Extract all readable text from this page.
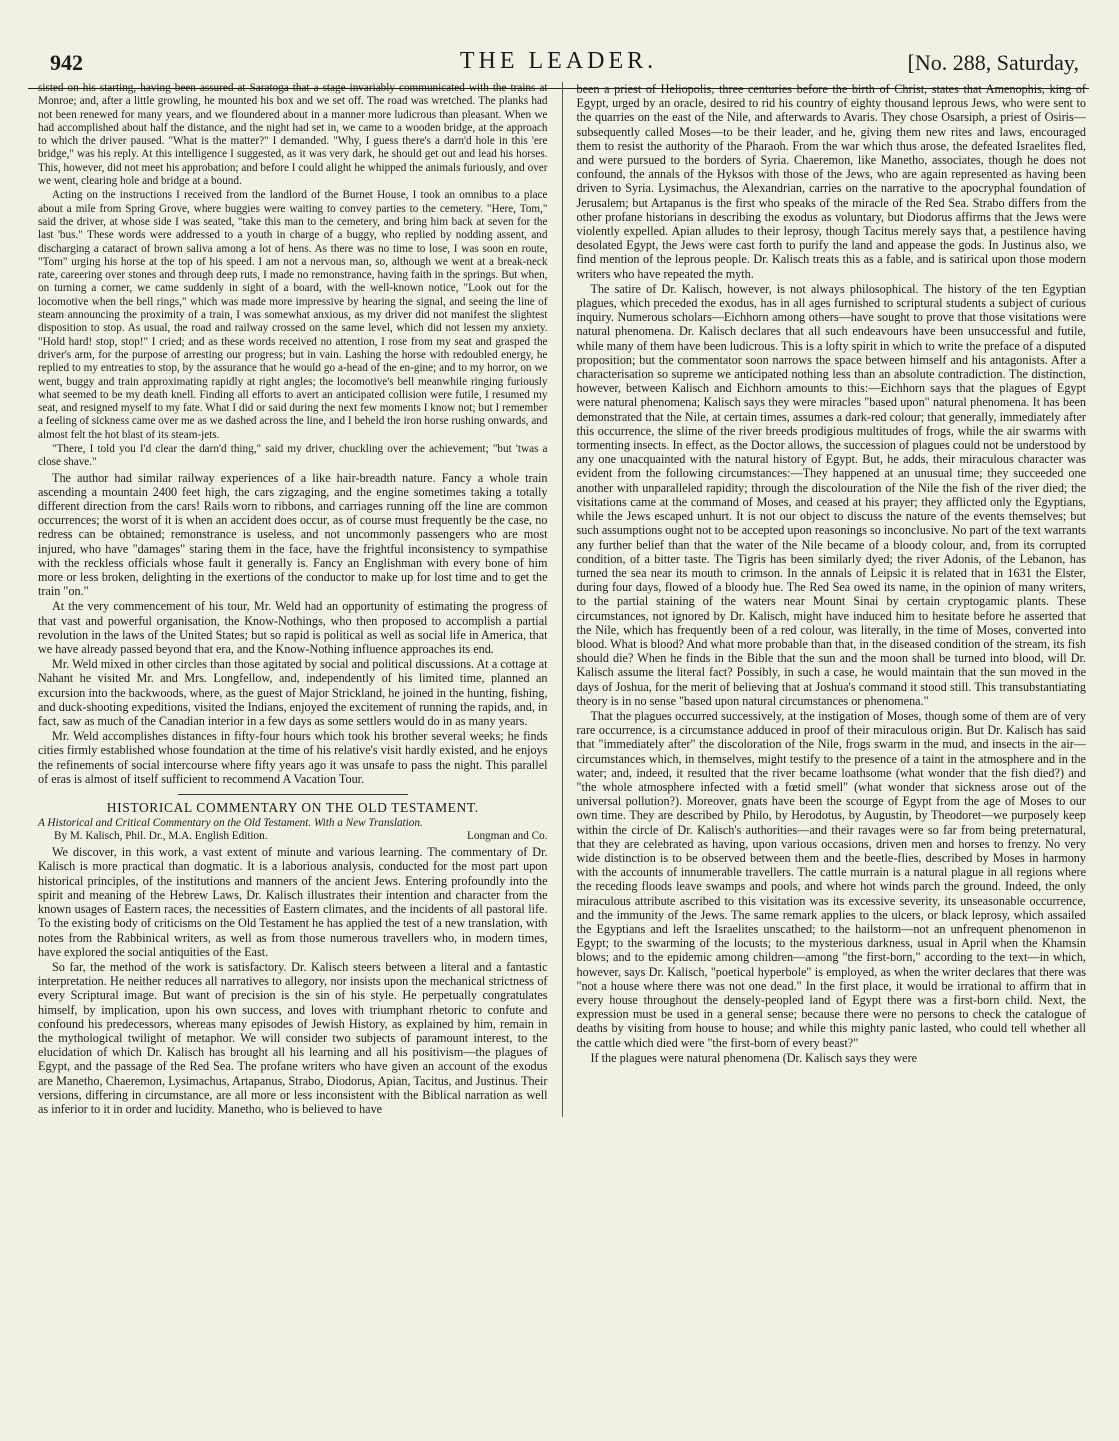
942	THE LEADER.	[No. 288, Saturday,

sisted on his starting, having been assured at Saratoga that a stage invariably communicated with the trains at Monroe; and, after a little growling, he mounted his box and we set off. The road was wretched. The planks had not been renewed for many years, and we floundered about in a manner more ludicrous than pleasant. When we had accomplished about half the distance, and the night had set in, we came to a wooden bridge, at the approach to which the driver paused. "What is the matter?" I demanded. "Why, I guess there's a darn'd hole in this 'ere bridge," was his reply. At this intelligence I suggested, as it was very dark, he should get out and lead his horses. This, however, did not meet his approbation; and before I could alight he whipped the animals furiously, and over we went, clearing hole and bridge at a bound.

Acting on the instructions I received from the landlord of the Burnet House, I took an omnibus to a place about a mile from Spring Grove, where buggies were waiting to convey parties to the cemetery. "Here, Tom," said the driver, at whose side I was seated, "take this man to the cemetery, and bring him back at seven for the last 'bus." These words were addressed to a youth in charge of a buggy, who replied by nodding assent, and discharging a cataract of brown saliva among a lot of hens. As there was no time to lose, I was soon en route, "Tom" urging his horse at the top of his speed. I am not a nervous man, so, although we went at a break-neck rate, careering over stones and through deep ruts, I made no remonstrance, having faith in the springs. But when, on turning a corner, we came suddenly in sight of a board, with the well-known notice, "Look out for the locomotive when the bell rings," which was made more impressive by hearing the signal, and seeing the line of steam announcing the proximity of a train, I was somewhat anxious, as my driver did not manifest the slightest disposition to stop. As usual, the road and railway crossed on the same level, which did not lessen my anxiety. "Hold hard! stop, stop!" I cried; and as these words received no attention, I rose from my seat and grasped the driver's arm, for the purpose of arresting our progress; but in vain. Lashing the horse with redoubled energy, he replied to my entreaties to stop, by the assurance that he would go a-head of the en-gine; and to my horror, on we went, buggy and train approximating rapidly at right angles; the locomotive's bell meanwhile ringing furiously what seemed to be my death knell. Finding all efforts to avert an anticipated collision were futile, I resumed my seat, and resigned myself to my fate. What I did or said during the next few moments I know not; but I remember a feeling of sickness came over me as we dashed across the line, and I beheld the iron horse rushing onwards, and almost felt the hot blast of its steam-jets.

"There, I told you I'd clear the darn'd thing," said my driver, chuckling over the achievement; "but 'twas a close shave."

The author had similar railway experiences of a like hair-breadth nature. Fancy a whole train ascending a mountain 2400 feet high, the cars zigzaging, and the engine sometimes taking a totally different direction from the cars! Rails worn to ribbons, and carriages running off the line are common occurrences; the worst of it is when an accident does occur, as of course must frequently be the case, no redress can be obtained; remonstrance is useless, and not uncommonly passengers who are most injured, who have "damages" staring them in the face, have the frightful inconsistency to sympathise with the reckless officials whose fault it generally is. Fancy an Englishman with every bone of him more or less broken, delighting in the exertions of the conductor to make up for lost time and to get the train "on."

At the very commencement of his tour, Mr. Weld had an opportunity of estimating the progress of that vast and powerful organisation, the Know-Nothings, who then proposed to accomplish a partial revolution in the laws of the United States; but so rapid is political as well as social life in America, that we have already passed beyond that era, and the Know-Nothing influence approaches its end.

Mr. Weld mixed in other circles than those agitated by social and political discussions. At a cottage at Nahant he visited Mr. and Mrs. Longfellow, and, independently of his limited time, planned an excursion into the backwoods, where, as the guest of Major Strickland, he joined in the hunting, fishing, and duck-shooting expeditions, visited the Indians, enjoyed the excitement of running the rapids, and, in fact, saw as much of the Canadian interior in a few days as some settlers would do in as many years.

Mr. Weld accomplishes distances in fifty-four hours which took his brother several weeks; he finds cities firmly established whose foundation at the time of his relative's visit hardly existed, and he enjoys the refinements of social intercourse where fifty years ago it was unsafe to pass the night. This parallel of eras is almost of itself sufficient to recommend A Vacation Tour.

HISTORICAL COMMENTARY ON THE OLD TESTAMENT.
A Historical and Critical Commentary on the Old Testament. With a New Translation.
By M. Kalisch, Phil. Dr., M.A. English Edition.	Longman and Co.

We discover, in this work, a vast extent of minute and various learning. The commentary of Dr. Kalisch is more practical than dogmatic. It is a laborious analysis, conducted for the most part upon historical principles, of the institutions and manners of the ancient Jews. Entering profoundly into the spirit and meaning of the Hebrew Laws, Dr. Kalisch illustrates their intention and character from the known usages of Eastern races, the necessities of Eastern climates, and the incidents of all pastoral life. To the existing body of criticisms on the Old Testament he has applied the test of a new translation, with notes from the Rabbinical writers, as well as from those numerous travellers who, in modern times, have explored the social antiquities of the East.

So far, the method of the work is satisfactory. Dr. Kalisch steers between a literal and a fantastic interpretation. He neither reduces all narratives to allegory, nor insists upon the mechanical strictness of every Scriptural image. But want of precision is the sin of his style. He perpetually congratulates himself, by implication, upon his own success, and loves with triumphant rhetoric to confute and confound his predecessors, whereas many episodes of Jewish History, as explained by him, remain in the mythological twilight of metaphor. We will consider two subjects of paramount interest, to the elucidation of which Dr. Kalisch has brought all his learning and all his positivism—the plagues of Egypt, and the passage of the Red Sea. The profane writers who have given an account of the exodus are Manetho, Chaeremon, Lysimachus, Artapanus, Strabo, Diodorus, Apian, Tacitus, and Justinus. Their versions, differing in circumstance, are all more or less inconsistent with the Biblical narration as well as inferior to it in order and lucidity. Manetho, who is believed to have

been a priest of Heliopolis, three centuries before the birth of Christ, states that Amenophis, king of Egypt, urged by an oracle, desired to rid his country of eighty thousand leprous Jews, who were sent to the quarries on the east of the Nile, and afterwards to Avaris. They chose Osarsiph, a priest of Osiris—subsequently called Moses—to be their leader, and he, giving them new rites and laws, encouraged them to resist the authority of the Pharaoh. From the war which thus arose, the defeated Israelites fled, and were pursued to the borders of Syria. Chaeremon, like Manetho, associates, though he does not confound, the annals of the Hyksos with those of the Jews, who are again represented as having been driven to Syria. Lysimachus, the Alexandrian, carries on the narrative to the apocryphal foundation of Jerusalem; but Artapanus is the first who speaks of the miracle of the Red Sea. Strabo differs from the other profane historians in describing the exodus as voluntary, but Diodorus affirms that the Jews were violently expelled. Apian alludes to their leprosy, though Tacitus merely says that, a pestilence having desolated Egypt, the Jews were cast forth to purify the land and appease the gods. In Justinus also, we find mention of the leprous people. Dr. Kalisch treats this as a fable, and is satirical upon those modern writers who have repeated the myth.

The satire of Dr. Kalisch, however, is not always philosophical. The history of the ten Egyptian plagues, which preceded the exodus, has in all ages furnished to scriptural students a subject of curious inquiry. Numerous scholars—Eichhorn among others—have sought to prove that those visitations were natural phenomena. Dr. Kalisch declares that all such endeavours have been unsuccessful and futile, while many of them have been ludicrous. This is a lofty spirit in which to write the preface of a disputed proposition; but the commentator soon narrows the space between himself and his antagonists. After a characterisation so supreme we anticipated nothing less than an absolute contradiction. The distinction, however, between Kalisch and Eichhorn amounts to this:—Eichhorn says that the plagues of Egypt were natural phenomena; Kalisch says they were miracles "based upon" natural phenomena. It has been demonstrated that the Nile, at certain times, assumes a dark-red colour; that generally, immediately after this occurrence, the slime of the river breeds prodigious multitudes of frogs, while the air swarms with tormenting insects. In effect, as the Doctor allows, the succession of plagues could not be understood by any one unacquainted with the natural history of Egypt. But, he adds, their miraculous character was evident from the following circumstances:—They happened at an unusual time; they succeeded one another with unparalleled rapidity; through the discolouration of the Nile the fish of the river died; the visitations came at the command of Moses, and ceased at his prayer; they afflicted only the Egyptians, while the Jews escaped unhurt. It is not our object to discuss the nature of the events themselves; but such assumptions ought not to be accepted upon reasonings so inconclusive. No part of the text warrants any further belief than that the water of the Nile became of a bloody colour, and, from its corrupted condition, of a bitter taste. The Tigris has been similarly dyed; the river Adonis, of the Lebanon, has turned the sea near its mouth to crimson. In the annals of Leipsic it is related that in 1631 the Elster, during four days, flowed of a bloody hue. The Red Sea owed its name, in the opinion of many writers, to the partial staining of the waters near Mount Sinai by certain cryptogamic plants. These circumstances, not ignored by Dr. Kalisch, might have induced him to hesitate before he asserted that the Nile, which has frequently been of a red colour, was literally, in the time of Moses, converted into blood. What is blood? And what more probable than that, in the diseased condition of the stream, its fish should die? When he finds in the Bible that the sun and the moon shall be turned into blood, will Dr. Kalisch assume the literal fact? Possibly, in such a case, he would maintain that the sun moved in the days of Joshua, for the merit of believing that at Joshua's command it stood still. This transubstantiating theory is in no sense "based upon natural circumstances or phenomena."

That the plagues occurred successively, at the instigation of Moses, though some of them are of very rare occurrence, is a circumstance adduced in proof of their miraculous origin. But Dr. Kalisch has said that "immediately after" the discoloration of the Nile, frogs swarm in the mud, and insects in the air—circumstances which, in themselves, might testify to the presence of a taint in the atmosphere and in the water; and, indeed, it resulted that the river became loathsome (what wonder that the fish died?) and "the whole atmosphere infected with a fœtid smell" (what wonder that sickness arose out of the universal pollution?). Moreover, gnats have been the scourge of Egypt from the age of Moses to our own time. They are described by Philo, by Herodotus, by Augustin, by Theodoret—we purposely keep within the circle of Dr. Kalisch's authorities—and their ravages were so far from being preternatural, that they are celebrated as having, upon various occasions, driven men and horses to frenzy. No very wide distinction is to be observed between them and the beetle-flies, described by Moses in harmony with the accounts of innumerable travellers. The cattle murrain is a natural plague in all regions where the receding floods leave swamps and pools, and where hot winds parch the ground. Indeed, the only miraculous attribute ascribed to this visitation was its excessive severity, its unseasonable occurrence, and the immunity of the Jews. The same remark applies to the ulcers, or black leprosy, which assailed the Egyptians and left the Israelites unscathed; to the hailstorm—not an unfrequent phenomenon in Egypt; to the swarming of the locusts; to the mysterious darkness, usual in April when the Khamsin blows; and to the epidemic among children—among "the first-born," according to the text—in which, however, says Dr. Kalisch, "poetical hyperbole" is employed, as when the writer declares that there was "not a house where there was not one dead." In the first place, it would be irrational to affirm that in every house throughout the densely-peopled land of Egypt there was a first-born child. Next, the expression must be used in a general sense; because there were no persons to check the catalogue of deaths by visiting from house to house; and while this mighty panic lasted, who could tell whether all the cattle which died were "the first-born of every beast?"

If the plagues were natural phenomena (Dr. Kalisch says they were
